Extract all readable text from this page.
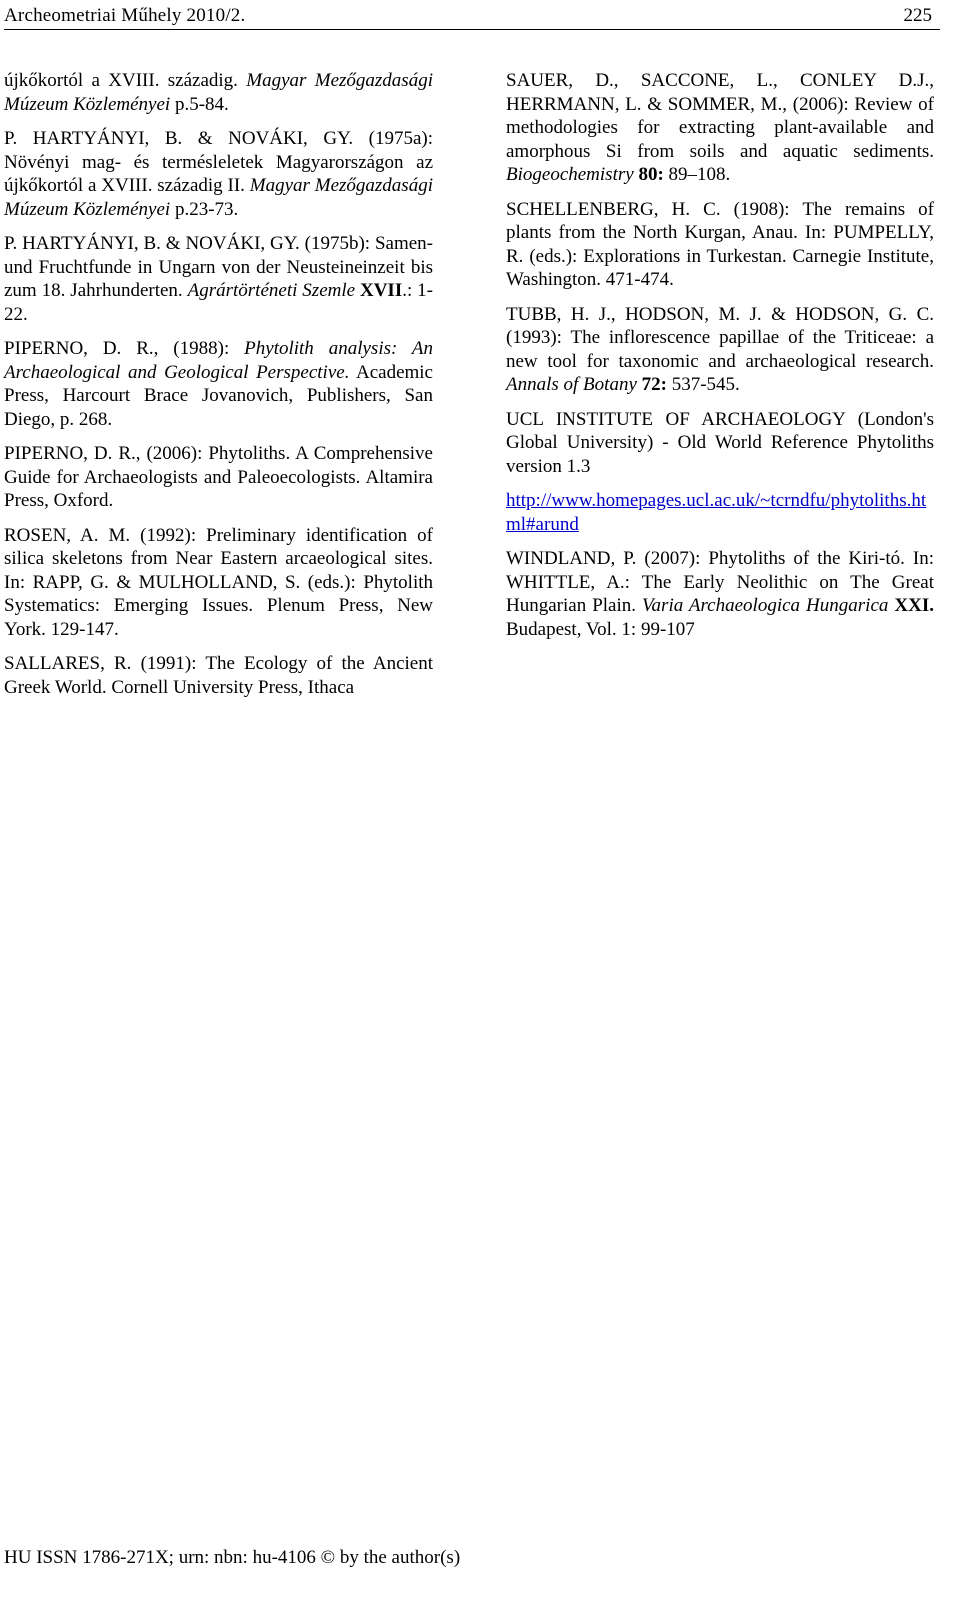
Archeometriai Műhely 2010/2.	225

újkőkortól a XVIII. századig. Magyar Mezőgazdasági Múzeum Közleményei p.5-84.

P. HARTYÁNYI, B. & NOVÁKI, GY. (1975a): Növényi mag- és termésleletek Magyarországon az újkőkortól a XVIII. századig II. Magyar Mezőgazdasági Múzeum Közleményei p.23-73.

P. HARTYÁNYI, B. & NOVÁKI, GY. (1975b): Samen- und Fruchtfunde in Ungarn von der Neusteineinzeit bis zum 18. Jahrhunderten. Agrártörténeti Szemle XVII.: 1-22.

PIPERNO, D. R., (1988): Phytolith analysis: An Archaeological and Geological Perspective. Academic Press, Harcourt Brace Jovanovich, Publishers, San Diego, p. 268.

PIPERNO, D. R., (2006): Phytoliths. A Comprehensive Guide for Archaeologists and Paleoecologists. Altamira Press, Oxford.

ROSEN, A. M. (1992): Preliminary identification of silica skeletons from Near Eastern arcaeological sites. In: RAPP, G. & MULHOLLAND, S. (eds.): Phytolith Systematics: Emerging Issues. Plenum Press, New York. 129-147.

SALLARES, R. (1991): The Ecology of the Ancient Greek World. Cornell University Press, Ithaca

SAUER, D., SACCONE, L., CONLEY D.J., HERRMANN, L. & SOMMER, M., (2006): Review of methodologies for extracting plant-available and amorphous Si from soils and aquatic sediments. Biogeochemistry 80: 89–108.

SCHELLENBERG, H. C. (1908): The remains of plants from the North Kurgan, Anau. In: PUMPELLY, R. (eds.): Explorations in Turkestan. Carnegie Institute, Washington. 471-474.

TUBB, H. J., HODSON, M. J. & HODSON, G. C. (1993): The inflorescence papillae of the Triticeae: a new tool for taxonomic and archaeological research. Annals of Botany 72: 537-545.

UCL INSTITUTE OF ARCHAEOLOGY (London's Global University) - Old World Reference Phytoliths version 1.3

http://www.homepages.ucl.ac.uk/~tcrndfu/phytoliths.html#arund

WINDLAND, P. (2007): Phytoliths of the Kiri-tó. In: WHITTLE, A.: The Early Neolithic on The Great Hungarian Plain. Varia Archaeologica Hungarica XXI. Budapest, Vol. 1: 99-107

HU ISSN 1786-271X; urn: nbn: hu-4106 © by the author(s)
